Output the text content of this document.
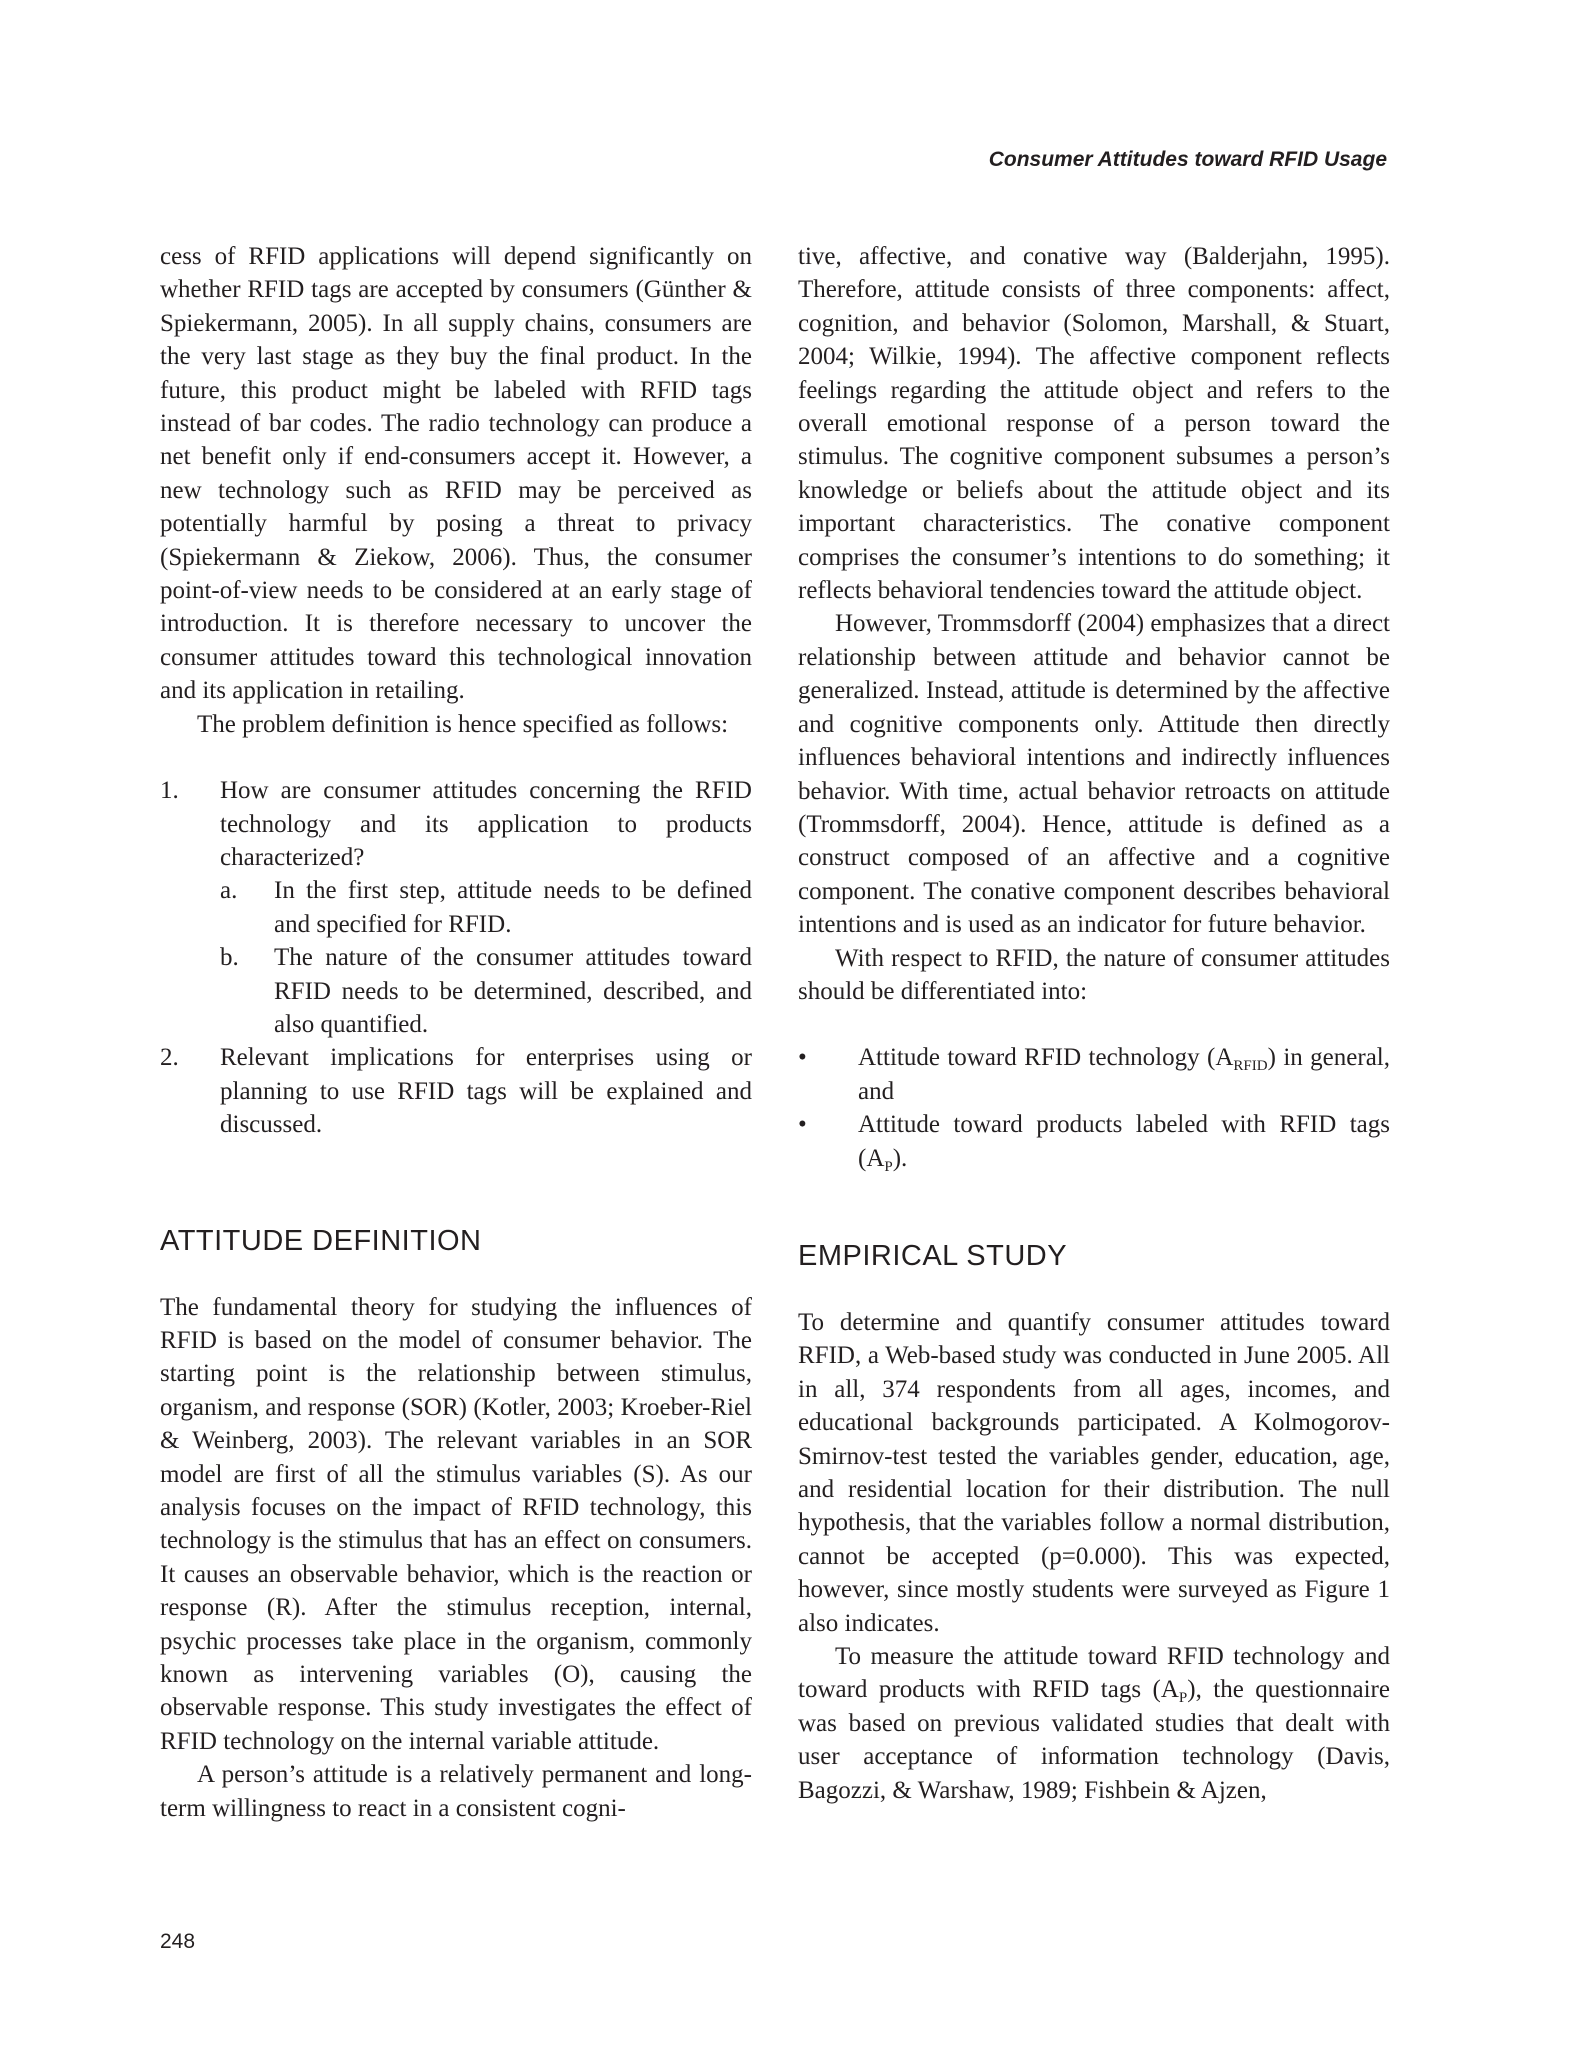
Consumer Attitudes toward RFID Usage

cess of RFID applications will depend significantly on whether RFID tags are accepted by consumers (Günther & Spiekermann, 2005). In all supply chains, consumers are the very last stage as they buy the final product. In the future, this product might be labeled with RFID tags instead of bar codes. The radio technology can produce a net benefit only if end-consumers accept it. However, a new technology such as RFID may be perceived as potentially harmful by posing a threat to privacy (Spiekermann & Ziekow, 2006). Thus, the consumer point-of-view needs to be considered at an early stage of introduction. It is therefore necessary to uncover the consumer attitudes toward this technological innovation and its application in retailing.

The problem definition is hence specified as follows:

1. How are consumer attitudes concerning the RFID technology and its application to products characterized?
a. In the first step, attitude needs to be defined and specified for RFID.
b. The nature of the consumer attitudes toward RFID needs to be determined, described, and also quantified.
2. Relevant implications for enterprises using or planning to use RFID tags will be explained and discussed.
ATTITUDE DEFINITION

The fundamental theory for studying the influences of RFID is based on the model of consumer behavior. The starting point is the relationship between stimulus, organism, and response (SOR) (Kotler, 2003; Kroeber-Riel & Weinberg, 2003). The relevant variables in an SOR model are first of all the stimulus variables (S). As our analysis focuses on the impact of RFID technology, this technology is the stimulus that has an effect on consumers. It causes an observable behavior, which is the reaction or response (R). After the stimulus reception, internal, psychic processes take place in the organism, commonly known as intervening variables (O), causing the observable response. This study investigates the effect of RFID technology on the internal variable attitude.

A person’s attitude is a relatively permanent and long-term willingness to react in a consistent cogni-

tive, affective, and conative way (Balderjahn, 1995). Therefore, attitude consists of three components: affect, cognition, and behavior (Solomon, Marshall, & Stuart, 2004; Wilkie, 1994). The affective component reflects feelings regarding the attitude object and refers to the overall emotional response of a person toward the stimulus. The cognitive component subsumes a person’s knowledge or beliefs about the attitude object and its important characteristics. The conative component comprises the consumer’s intentions to do something; it reflects behavioral tendencies toward the attitude object.

However, Trommsdorff (2004) emphasizes that a direct relationship between attitude and behavior cannot be generalized. Instead, attitude is determined by the affective and cognitive components only. Attitude then directly influences behavioral intentions and indirectly influences behavior. With time, actual behavior retroacts on attitude (Trommsdorff, 2004). Hence, attitude is defined as a construct composed of an affective and a cognitive component. The conative component describes behavioral intentions and is used as an indicator for future behavior.

With respect to RFID, the nature of consumer attitudes should be differentiated into:

• Attitude toward RFID technology $(A_{RFID})$ in general, and
• Attitude toward products labeled with RFID tags $(A_P)$.
EMPIRICAL STUDY

To determine and quantify consumer attitudes toward RFID, a Web-based study was conducted in June 2005. All in all, 374 respondents from all ages, incomes, and educational backgrounds participated. A Kolmogorov-Smirnov-test tested the variables gender, education, age, and residential location for their distribution. The null hypothesis, that the variables follow a normal distribution, cannot be accepted (p=0.000). This was expected, however, since mostly students were surveyed as Figure 1 also indicates.

To measure the attitude toward RFID technology and toward products with RFID tags $(A_P)$, the questionnaire was based on previous validated studies that dealt with user acceptance of information technology (Davis, Bagozzi, & Warshaw, 1989; Fishbein & Ajzen,

248
